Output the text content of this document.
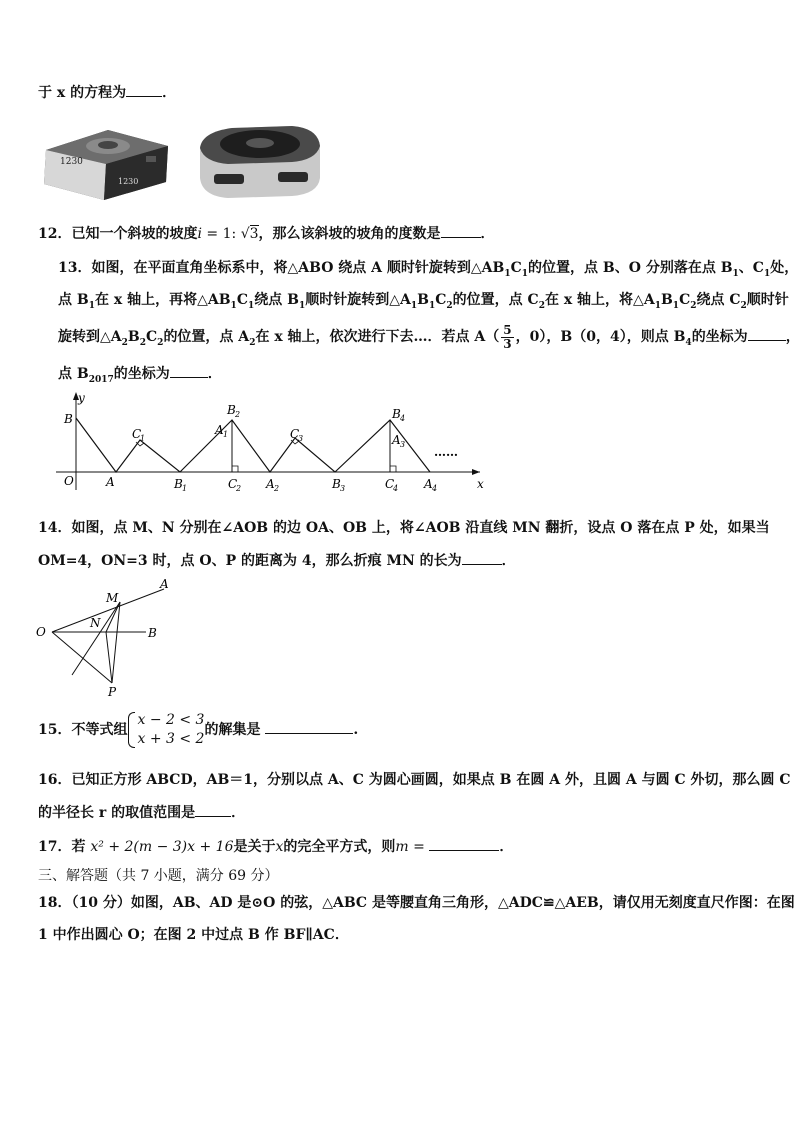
于 x 的方程为	．
1230
1230
12．已知一个斜坡的坡度i = 1: √3，那么该斜坡的坡角的度数是	．
13．如图，在平面直角坐标系中，将△ABO 绕点 A 顺时针旋转到$\triangle AB_1C_1$的位置，点 B、O 分别落在点 $B_1$、$C_1$处，
点 $B_1$在 x 轴上，再将$\triangle AB_1C_1$绕点 $B_1$顺时针旋转到$\triangle A_1B_1C_2$的位置，点 $C_2$在 x 轴上，将$\triangle A_1B_1C_2$绕点 $C_2$顺时针
旋转到$\triangle A_2B_2C_2$的位置，点 $A_2$在 x 轴上，依次进行下去…．若点 $A( \frac{5}{3}$ ，0），B（0，4），则点 $B_4$的坐标为	，
点 $B_{2017}$的坐标为	．
y
x
O
B
C
1
A 1
B 2
C
3
B 4
A 3
A	B 1	C
2 A 2	B 3	C
4 A 4
……
14．如图，点 M、N 分别在∠AOB 的边 OA、OB 上，将∠AOB 沿直线 MN 翻折，设点 O 落在点 P 处，如果当
OM=4，ON=3 时，点 O、P 的距离为 4，那么折痕 MN 的长为	．
A
M
N
O	B
P
15．不等式组
x − 2 < 3
x + 3 < 2
的解集是	.
16．已知正方形 ABCD，AB＝1，分别以点 A、C 为圆心画圆，如果点 B 在圆 A 外，且圆 A 与圆 C 外切，那么圆 C
的半径长 r 的取值范围是	．
17．若 x² + 2(m − 3)x + 16是关于x的完全平方式，则m =	．
三、解答题（共 7 小题，满分 69 分）
18．（10 分）如图，AB、AD 是⊙O 的弦，△ABC 是等腰直角三角形，△ADC≌△AEB，请仅用无刻度直尺作图：在图
1 中作出圆心 O；在图 2 中过点 B 作 BF∥AC．
